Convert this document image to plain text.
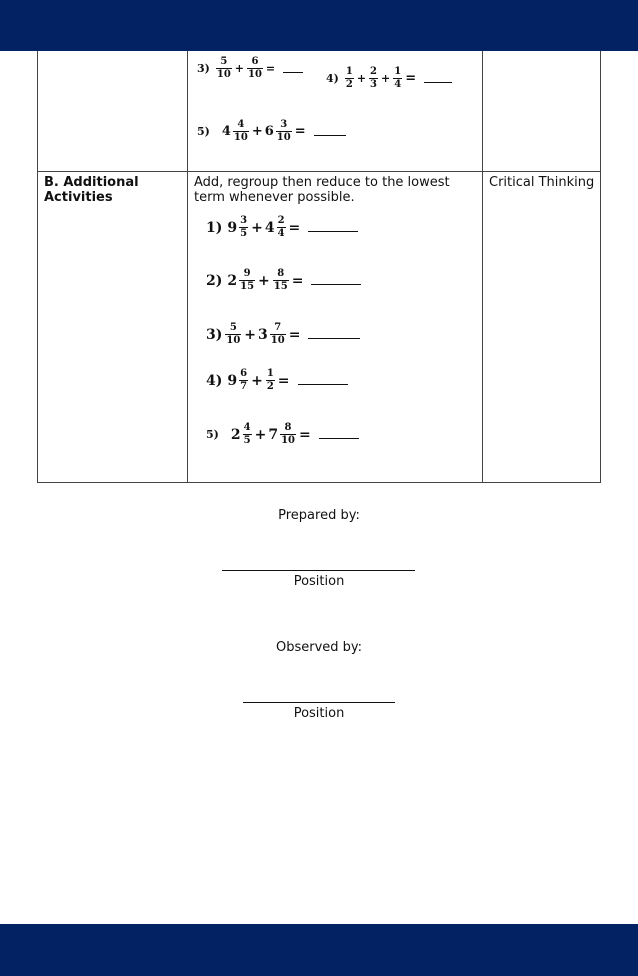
$3) \frac{5}{10} + \frac{6}{10}$ =
$4) \frac{1}{2} + \frac{2}{3} + \frac{1}{4}$ =
5) $4 \frac{4}{10} + 6 \frac{3}{10}$ =
B. Additional Activities
Add, regroup then reduce to the lowest term whenever possible.
Critical Thinking
1) $9 \frac{3}{5} + 4 \frac{2}{4}$ =
2) $2 \frac{9}{15} + \frac{8}{15}$ =
$3) \frac{5}{10} + 3 \frac{7}{10}$ =
4) $9 \frac{6}{7} + \frac{1}{2}$ =
5) $2 \frac{4}{5} + 7 \frac{8}{10}$ =
Prepared by:
Position
Observed by:
Position
